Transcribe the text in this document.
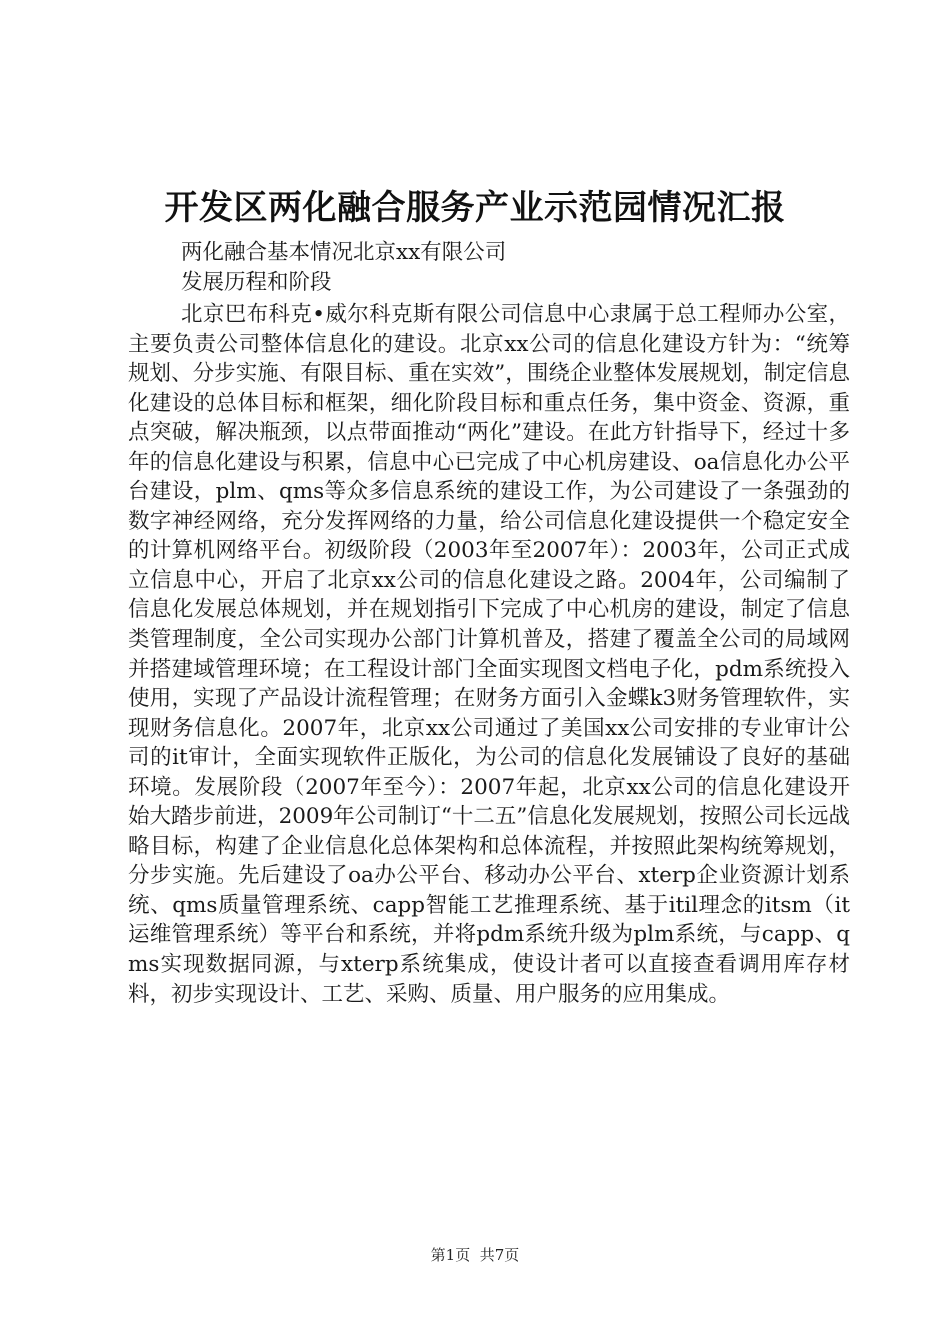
开发区两化融合服务产业示范园情况汇报
两化融合基本情况北京xx有限公司
发展历程和阶段

北京巴布科克•威尔科克斯有限公司信息中心隶属于总工程师办公室，主要负责公司整体信息化的建设。北京xx公司的信息化建设方针为：“统筹规划、分步实施、有限目标、重在实效”，围绕企业整体发展规划，制定信息化建设的总体目标和框架，细化阶段目标和重点任务，集中资金、资源，重点突破，解决瓶颈，以点带面推动“两化”建设。在此方针指导下，经过十多年的信息化建设与积累，信息中心已完成了中心机房建设、oa信息化办公平台建设，plm、qms等众多信息系统的建设工作，为公司建设了一条强劲的数字神经网络，充分发挥网络的力量，给公司信息化建设提供一个稳定安全的计算机网络平台。初级阶段（2003年至2007年）：2003年，公司正式成立信息中心，开启了北京xx公司的信息化建设之路。2004年，公司编制了信息化发展总体规划，并在规划指引下完成了中心机房的建设，制定了信息类管理制度，全公司实现办公部门计算机普及，搭建了覆盖全公司的局域网并搭建域管理环境；在工程设计部门全面实现图文档电子化，pdm系统投入使用，实现了产品设计流程管理；在财务方面引入金蝶k3财务管理软件，实现财务信息化。2007年，北京xx公司通过了美国xx公司安排的专业审计公司的it审计，全面实现软件正版化，为公司的信息化发展铺设了良好的基础环境。发展阶段（2007年至今）：2007年起，北京xx公司的信息化建设开始大踏步前进，2009年公司制订“十二五”信息化发展规划，按照公司长远战略目标，构建了企业信息化总体架构和总体流程，并按照此架构统筹规划，分步实施。先后建设了oa办公平台、移动办公平台、xterp企业资源计划系统、qms质量管理系统、capp智能工艺推理系统、基于itil理念的itsm（it运维管理系统）等平台和系统，并将pdm系统升级为plm系统，与capp、qms实现数据同源，与xterp系统集成，使设计者可以直接查看调用库存材料，初步实现设计、工艺、采购、质量、用户服务的应用集成。

第1页 共7页
